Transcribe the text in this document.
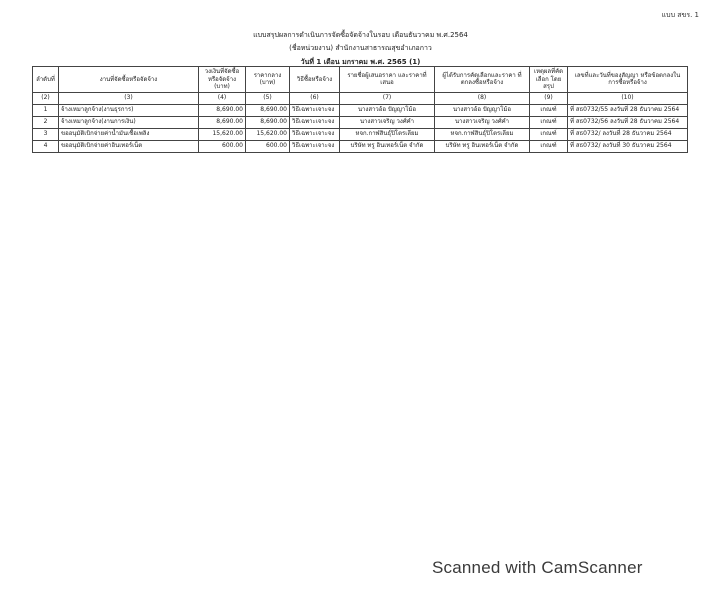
แบบ สขร. 1
แบบสรุปผลการดำเนินการจัดซื้อจัดจ้างในรอบ เดือนธันวาคม พ.ศ.2564
(ชื่อหน่วยงาน) สำนักงานสาธารณสุขอำเภอกาว
วันที่ 1 เดือน มกราคม พ.ศ. 2565 (1)
ลำดับที่	งานที่จัดซื้อหรือจัดจ้าง	วงเงินที่จัดซื้อ หรือจัดจ้าง (บาท)	ราคากลาง (บาท)	วิธีซื้อหรือจ้าง	รายชื่อผู้เสนอราคา และราคาที่เสนอ	ผู้ได้รับการคัดเลือกและราคา ที่ตกลงซื้อหรือจ้าง	เหตุผลที่คัดเลือก โดยสรุป	เลขที่และวันที่ของสัญญา หรือข้อตกลงในการซื้อหรือจ้าง
(2)	(3)	(4)	(5)	(6)	(7)	(8)	(9)	(10)
1	จ้างเหมาลูกจ้าง(งานธุรการ)	8,690.00	8,690.00	วิธีเฉพาะเจาะจง	นางสาวอ้อ ปัญญาโม้อ	นางสาวอ้อ ปัญญาโม้อ	เกณฑ์	ที่ สธ0732/55 ลงวันที่ 28 ธันวาคม 2564
2	จ้างเหมาลูกจ้าง(งานการเงิน)	8,690.00	8,690.00	วิธีเฉพาะเจาะจง	นางสาวเจริญ วงศ์คำ	นางสาวเจริญ วงศ์คำ	เกณฑ์	ที่ สธ0732/56 ลงวันที่ 28 ธันวาคม 2564
3	ขออนุมัติเบิกจ่ายค่าน้ำมันเชื้อเพลิง	15,620.00	15,620.00	วิธีเฉพาะเจาะจง	หจก.กาฬสินธุ์ปิโตรเลียม	หจก.กาฬสินธุ์ปิโตรเลียม	เกณฑ์	ที่ สธ0732/ ลงวันที่ 28 ธันวาคม 2564
4	ขออนุมัติเบิกจ่ายค่าอินเทอร์เน็ต	600.00	600.00	วิธีเฉพาะเจาะจง	บริษัท ทรู อินเทอร์เน็ต จำกัด	บริษัท ทรู อินเทอร์เน็ต จำกัด	เกณฑ์	ที่ สธ0732/ ลงวันที่ 30 ธันวาคม 2564
Scanned with CamScanner
